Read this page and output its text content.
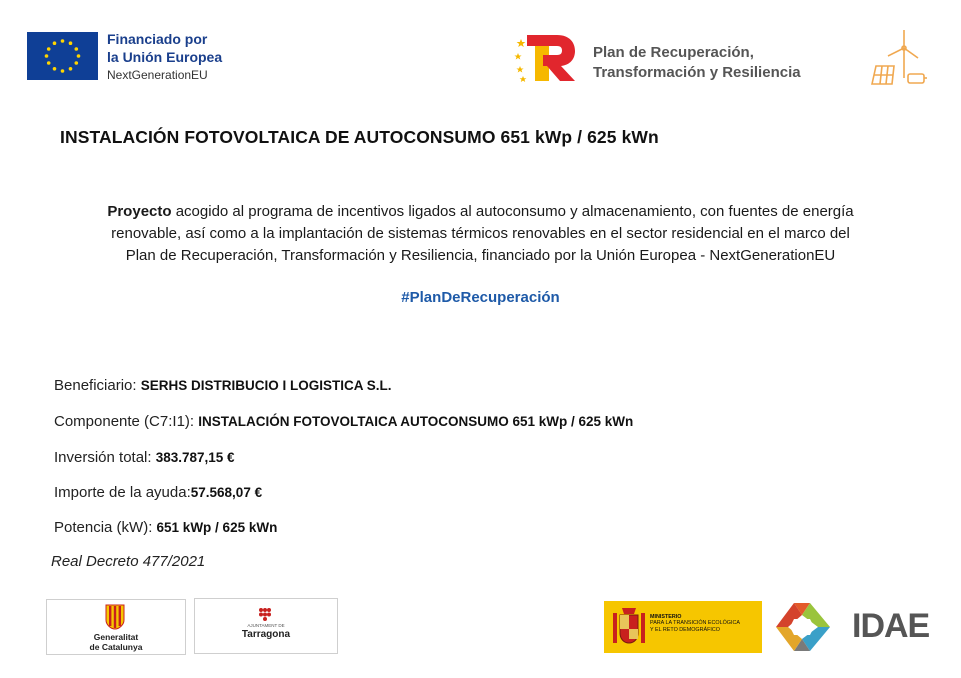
Financiado por
la Unión Europea
NextGenerationEU
Plan de Recuperación,
Transformación y Resiliencia
INSTALACIÓN FOTOVOLTAICA DE AUTOCONSUMO 651 kWp / 625 kWn
Proyecto acogido al programa de incentivos ligados al autoconsumo y almacenamiento, con fuentes de energía
renovable, así como a la implantación de sistemas térmicos renovables en el sector residencial en el marco del
Plan de Recuperación, Transformación y Resiliencia, financiado por la Unión Europea - NextGenerationEU
#PlanDeRecuperación
Beneficiario: SERHS DISTRIBUCIO I LOGISTICA S.L.
Componente (C7:I1): INSTALACIÓN FOTOVOLTAICA AUTOCONSUMO 651 kWp / 625 kWn
Inversión total: 383.787,15 €
Importe de la ayuda:57.568,07 €
Potencia (kW): 651 kWp / 625 kWn
Real Decreto 477/2021
Generalitat
de Catalunya
AJUNTAMENT DE
Tarragona
MINISTERIO
PARA LA TRANSICIÓN ECOLÓGICA
Y EL RETO DEMOGRÁFICO	IDAE
